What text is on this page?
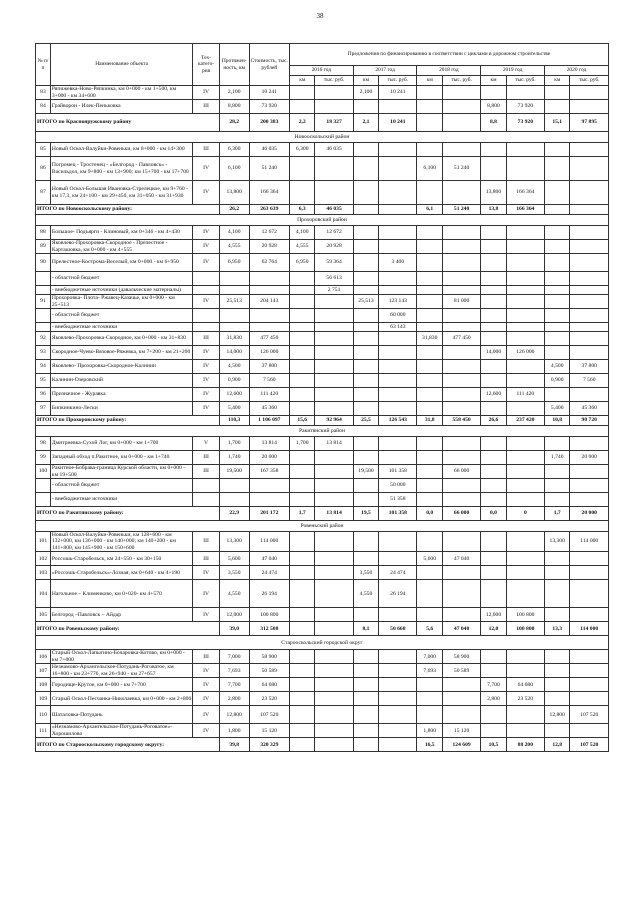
38
№ п/п	Наименование объекта	Тех-катего-рия	Протяжен-ность, км	Стоимость, тыс. рублей	Предложения по финансированию в соответствии с циклами в дорожном строительстве									
					2016 год		2017 год		2018 год		2019 год		2020 год	
					км	тыс. руб.	км	тыс. руб.	км	тыс. руб.	км	тыс. руб.	км	тыс. руб.
83	Ряпижевка-Ново-Ряпкинка, км 0+000 - км 1+500, км 3+000 - км 34+600	IV	2,100	10 241			2,100	10 241						
84	Грайворон - Илек-Пеньковка	III	8,800	73 920							8,800	73 920		
ИТОГО по Краснояружскому району			28,2	200 383	2,2	18 327	2,1	10 241			8,8	73 920	15,1	97 895
Новооскольский район														
85	Новый Оскол-Валуйки-Ровеньки, км 8+000 - км 14+300	III	6,300	46 035	6,300	46 035								
86	Погромец - Тростенец - «Белгород - Павловск» - Васильдол, км 9+800 - км 13+900; км 15+700 - км 17+700	IV	6,100	51 240					6,100	51 240				
87	Новый Оскол-Большая Ивановка-Стрелецкое, км 9+760 - км 17,3, км 24+100 - км 29+450, км 31+050 - км 31+930	IV	13,800	166 364							13,800	166 364		
ИТОГО по Новооскольскому району:			26,2	263 639	6,3	46 035			6,1	51 240	13,8	166 364		
Прохоровский район														
88	Большое- Подъярги - Клиновый, км 0+346 - км 4+430	IV	4,100	12 672	4,100	12 672								
89	Яковлево-Прохоровка-Скородное - Прелестное - Карташовка, км 0+000 - км 4+555	IV	4,555	20 928	4,555	20 928								
90	Прелестное-Кострома-Веселый, км 0+000 - км 6+950	IV	6,950	62 764	6,950	59 364		3 400						
	- областной бюджет					56 613								
	- внебюджетные источники (давальческие материалы)					2 751								
91	Прохоровка- Плота- Ржавец-Казачье, км 0+000 - км 25+513	IV	25,513	204 143			25,513	123 143		81 000				
	- областной бюджет							60 000						
	- внебюджетные источники							63 143						
92	Яковлево-Прохоровка-Скородное, км 0+000 - км 31+830	III	31,830	477 450					31,830	477 450				
93	Скородное-Чуево-Вязовое-Ряжевка, км 7+200 - км 21+200	IV	14,000	126 000							14,000	126 000		
94	Яковлево- Прохоровка-Скородное-Калинин	IV	4,500	37 800									4,500	37 800
95	Калинин-Озеровский	IV	0,900	7 560									0,900	7 560
96	Призначное - Журавка	IV	12,600	111 420							12,600	111 420		
97	Бипкинкино-Лески	IV	5,400	45 360									5,400	45 360
ИТОГО по Прохоровскому району:			110,3	1 106 097	15,6	92 964	25,5	126 543	31,8	558 450	26,6	237 420	10,8	90 720
Ракитянский район														
98	Дмитриевка-Сухой Лог, км 0+000 - км 1+700	V	1,700	13 814	1,700	13 814								
99	Западный обход п.Ракитное, км 0+000 - км 1+740	III	1,740	20 000									1,740	20 000
100	Ракитное-Бобрава-граница Курской области, км 0+000 - км 19+500	III	19,500	167 358			19,500	101 358		66 000				
	- областной бюджет							50 000						
	- внебюджетные источники							51 358						
ИТОГО по Ракитянскому району:			22,9	201 172	1,7	13 814	19,5	101 358	0,0	66 000	0,0	0	1,7	20 000
Ровеньский район														
101	Новый Оскол-Валуйки-Ровеньки, км 128+600 - км 132+000, км 136+000 - км 140+000; км 140+200 - км 141+800, км 145+900 - км 150+600	III	13,300	114 000									13,300	114 000
102	Россошь-Старобельск, км 24+550 - км 30+150	III	5,600	47 040					5,600	47 040				
103	«Россошь-Старобельск»-Лозная, км 0+640 - км 4+190	IV	3,550	24 474			3,550	24 474						
104	Нагольное – Клименково, км 0+020- км 4+570	IV	4,550	26 194			4,550	26 194						
105	Белгород –Павловск – Айдар	IV	12,000	100 800							12,000	100 800		
ИТОГО по Ровеньскому району:			39,0	312 508			8,1	50 668	5,6	47 040	12,0	100 800	13,3	114 000
Старооскольский городской округ														
106	Старый Оскол-Лапыгино-Бочаровка-Котово, км 0+000 - км 7+000	III	7,000	58 900					7,000	58 900				
107	Незнамово-Архангельское-Потудань-Роговатое, км 16+800 - км 23+776, км 26+940 - км 27+657	IV	7,693	50 589					7,693	50 589				
108	Городище-Крутое, км 0+000 - км 7+700	IV	7,700	64 680							7,700	64 680		
109	Старый Оскол-Песчанка-Николаевка, км 0+000 - км 2+800	IV	2,800	23 520							2,800	23 520		
110	Шаталовка-Потудань	IV	12,800	107 520									12,800	107 520
111	«Незнамово-Архангельское-Потудань-Роговатое»-Хорошилово	IV	1,800	15 120					1,800	15 120				
ИТОГО по Старооскольскому городскому округу:			39,8	320 329					16,5	124 609	10,5	88 200	12,8	107 520
